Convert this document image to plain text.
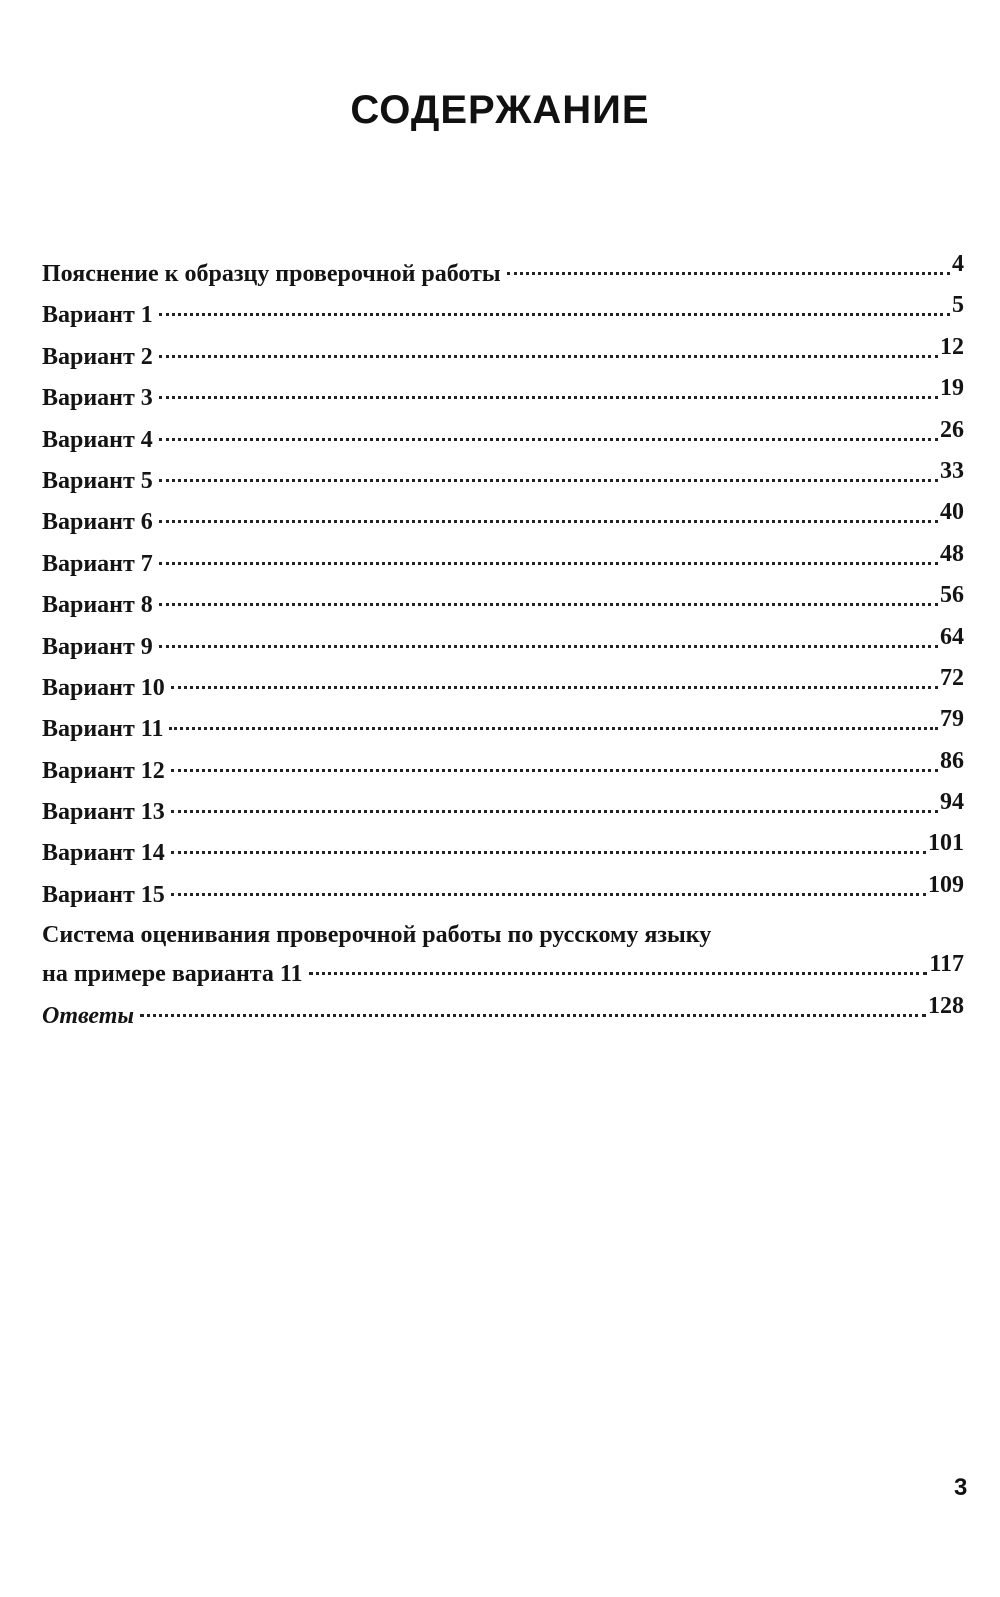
СОДЕРЖАНИЕ
Пояснение к образцу проверочной работы	4
Вариант 1	5
Вариант 2	12
Вариант 3	19
Вариант 4	26
Вариант 5	33
Вариант 6	40
Вариант 7	48
Вариант 8	56
Вариант 9	64
Вариант 10	72
Вариант 11	79
Вариант 12	86
Вариант 13	94
Вариант 14	101
Вариант 15	109
Система оценивания проверочной работы по русскому языку
на примере варианта 11	117
Ответы	128
3
